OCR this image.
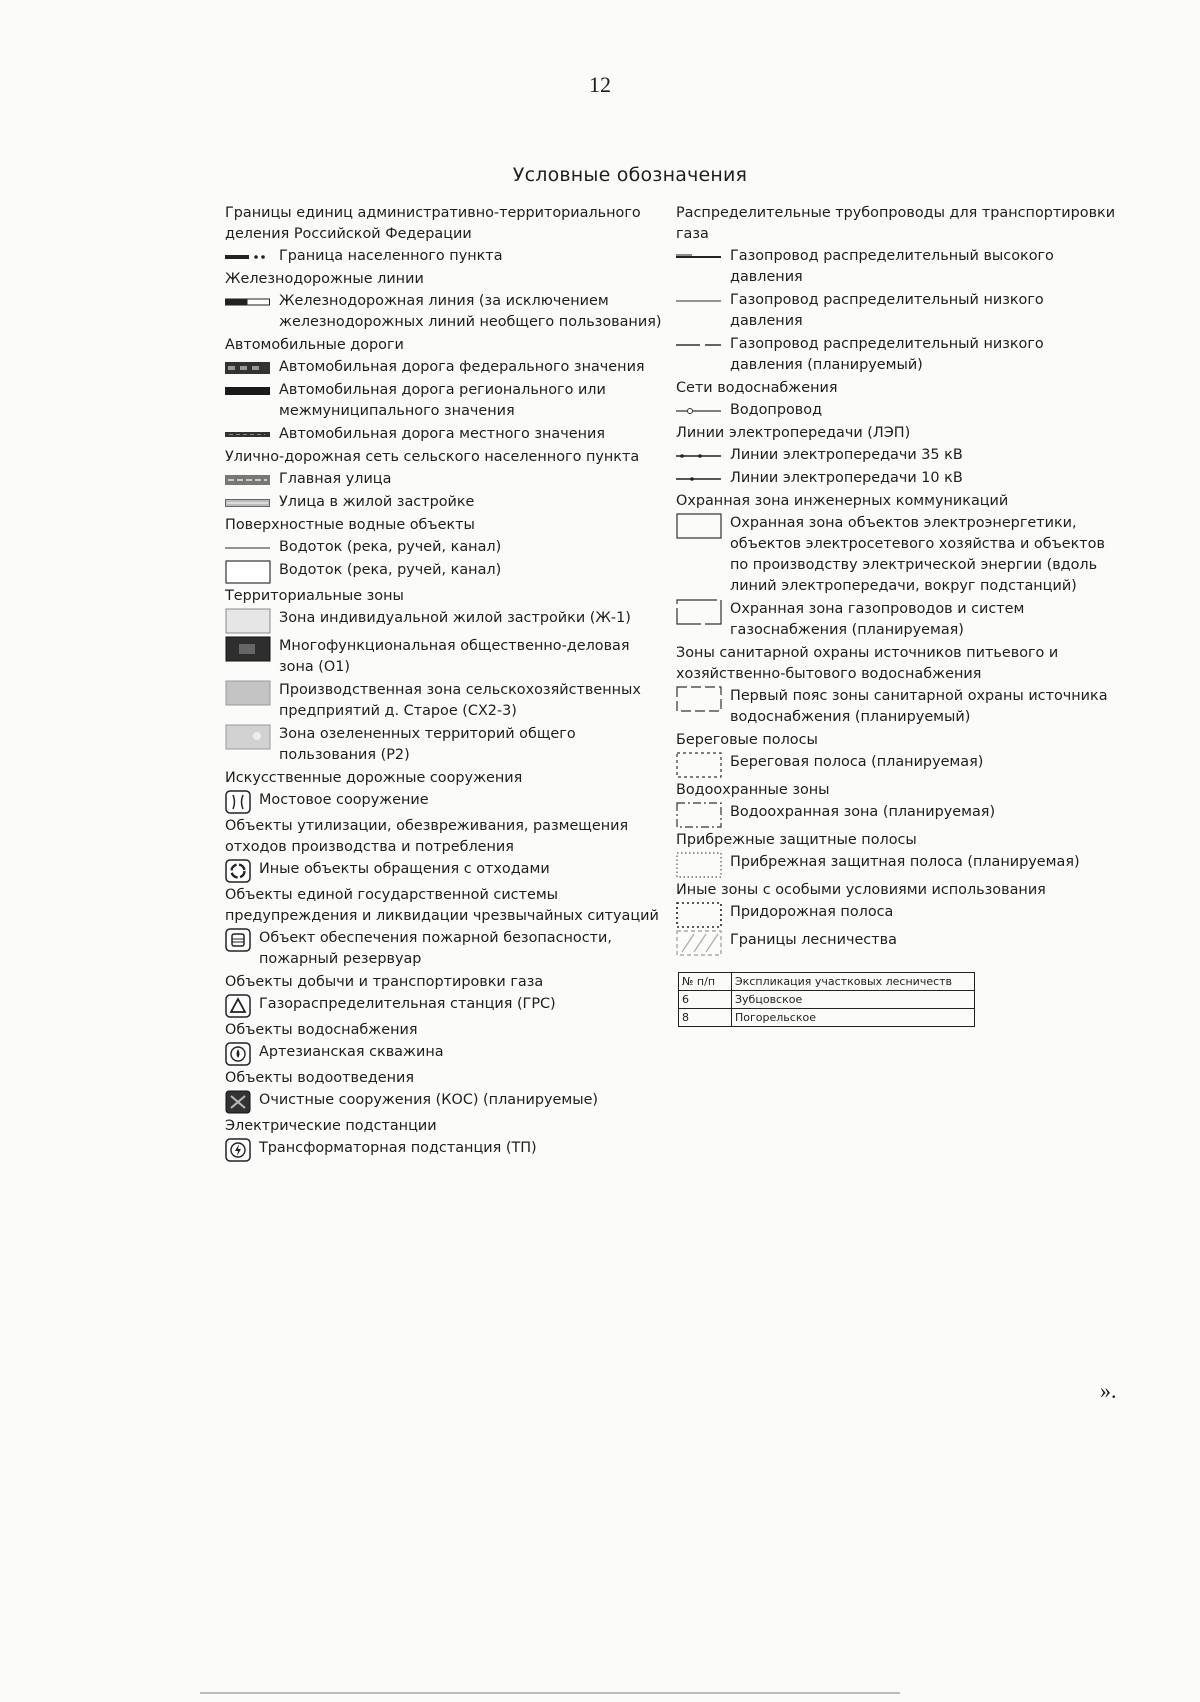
12
Условные обозначения
Границы единиц административно-территориального деления Российской Федерации
Граница населенного пункта
Железнодорожные линии
Железнодорожная линия (за исключением железнодорожных линий необщего пользования)
Автомобильные дороги
Автомобильная дорога федерального значения
Автомобильная дорога регионального или межмуниципального значения
Автомобильная дорога местного значения
Улично-дорожная сеть сельского населенного пункта
Главная улица
Улица в жилой застройке
Поверхностные водные объекты
Водоток (река, ручей, канал)
Водоток (река, ручей, канал)
Территориальные зоны
Зона индивидуальной жилой застройки (Ж-1)
Многофункциональная общественно-деловая зона (О1)
Производственная зона сельскохозяйственных предприятий д. Старое (СХ2-3)
Зона озелененных территорий общего пользования (Р2)
Искусственные дорожные сооружения
Мостовое сооружение
Объекты утилизации, обезвреживания, размещения отходов производства и потребления
Иные объекты обращения с отходами
Объекты единой государственной системы предупреждения и ликвидации чрезвычайных ситуаций
Объект обеспечения пожарной безопасности, пожарный резервуар
Объекты добычи и транспортировки газа
Газораспределительная станция (ГРС)
Объекты водоснабжения
Артезианская скважина
Объекты водоотведения
Очистные сооружения (КОС) (планируемые)
Электрические подстанции
Трансформаторная подстанция (ТП)
Распределительные трубопроводы для транспортировки газа
Газопровод распределительный высокого давления
Газопровод распределительный низкого давления
Газопровод распределительный низкого давления (планируемый)
Сети водоснабжения
Водопровод
Линии электропередачи (ЛЭП)
Линии электропередачи 35 кВ
Линии электропередачи 10 кВ
Охранная зона инженерных коммуникаций
Охранная зона объектов электроэнергетики, объектов электросетевого хозяйства и объектов по производству электрической энергии (вдоль линий электропередачи, вокруг подстанций)
Охранная зона газопроводов и систем газоснабжения (планируемая)
Зоны санитарной охраны источников питьевого и хозяйственно-бытового водоснабжения
Первый пояс зоны санитарной охраны источника водоснабжения (планируемый)
Береговые полосы
Береговая полоса (планируемая)
Водоохранные зоны
Водоохранная зона (планируемая)
Прибрежные защитные полосы
Прибрежная защитная полоса (планируемая)
Иные зоны с особыми условиями использования
Придорожная полоса
Границы лесничества
№ п/п	Экспликация участковых лесничеств
6	Зубцовское
8	Погорельское
».
